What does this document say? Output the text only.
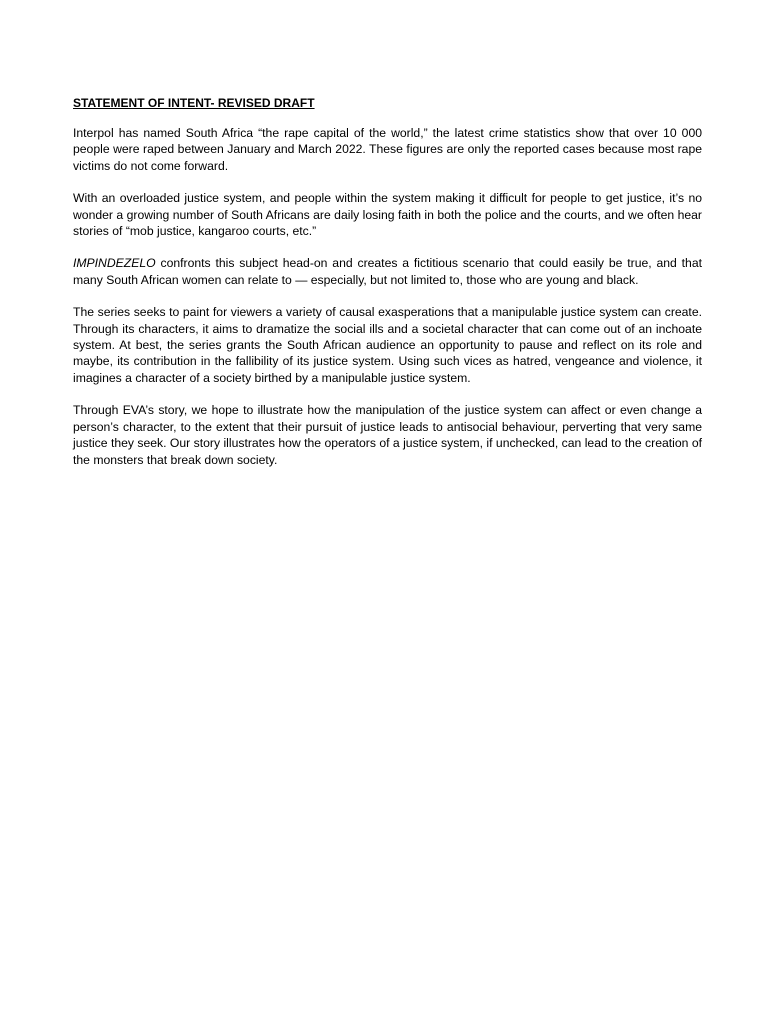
STATEMENT OF INTENT- REVISED DRAFT

Interpol has named South Africa “the rape capital of the world,” the latest crime statistics show that over 10 000 people were raped between January and March 2022. These figures are only the reported cases because most rape victims do not come forward.

With an overloaded justice system, and people within the system making it difficult for people to get justice, it’s no wonder a growing number of South Africans are daily losing faith in both the police and the courts, and we often hear stories of “mob justice, kangaroo courts, etc.”

IMPINDEZELO confronts this subject head-on and creates a fictitious scenario that could easily be true, and that many South African women can relate to — especially, but not limited to, those who are young and black.

The series seeks to paint for viewers a variety of causal exasperations that a manipulable justice system can create. Through its characters, it aims to dramatize the social ills and a societal character that can come out of an inchoate system. At best, the series grants the South African audience an opportunity to pause and reflect on its role and maybe, its contribution in the fallibility of its justice system. Using such vices as hatred, vengeance and violence, it imagines a character of a society birthed by a manipulable justice system.

Through EVA’s story, we hope to illustrate how the manipulation of the justice system can affect or even change a person’s character, to the extent that their pursuit of justice leads to antisocial behaviour, perverting that very same justice they seek. Our story illustrates how the operators of a justice system, if unchecked, can lead to the creation of the monsters that break down society.
